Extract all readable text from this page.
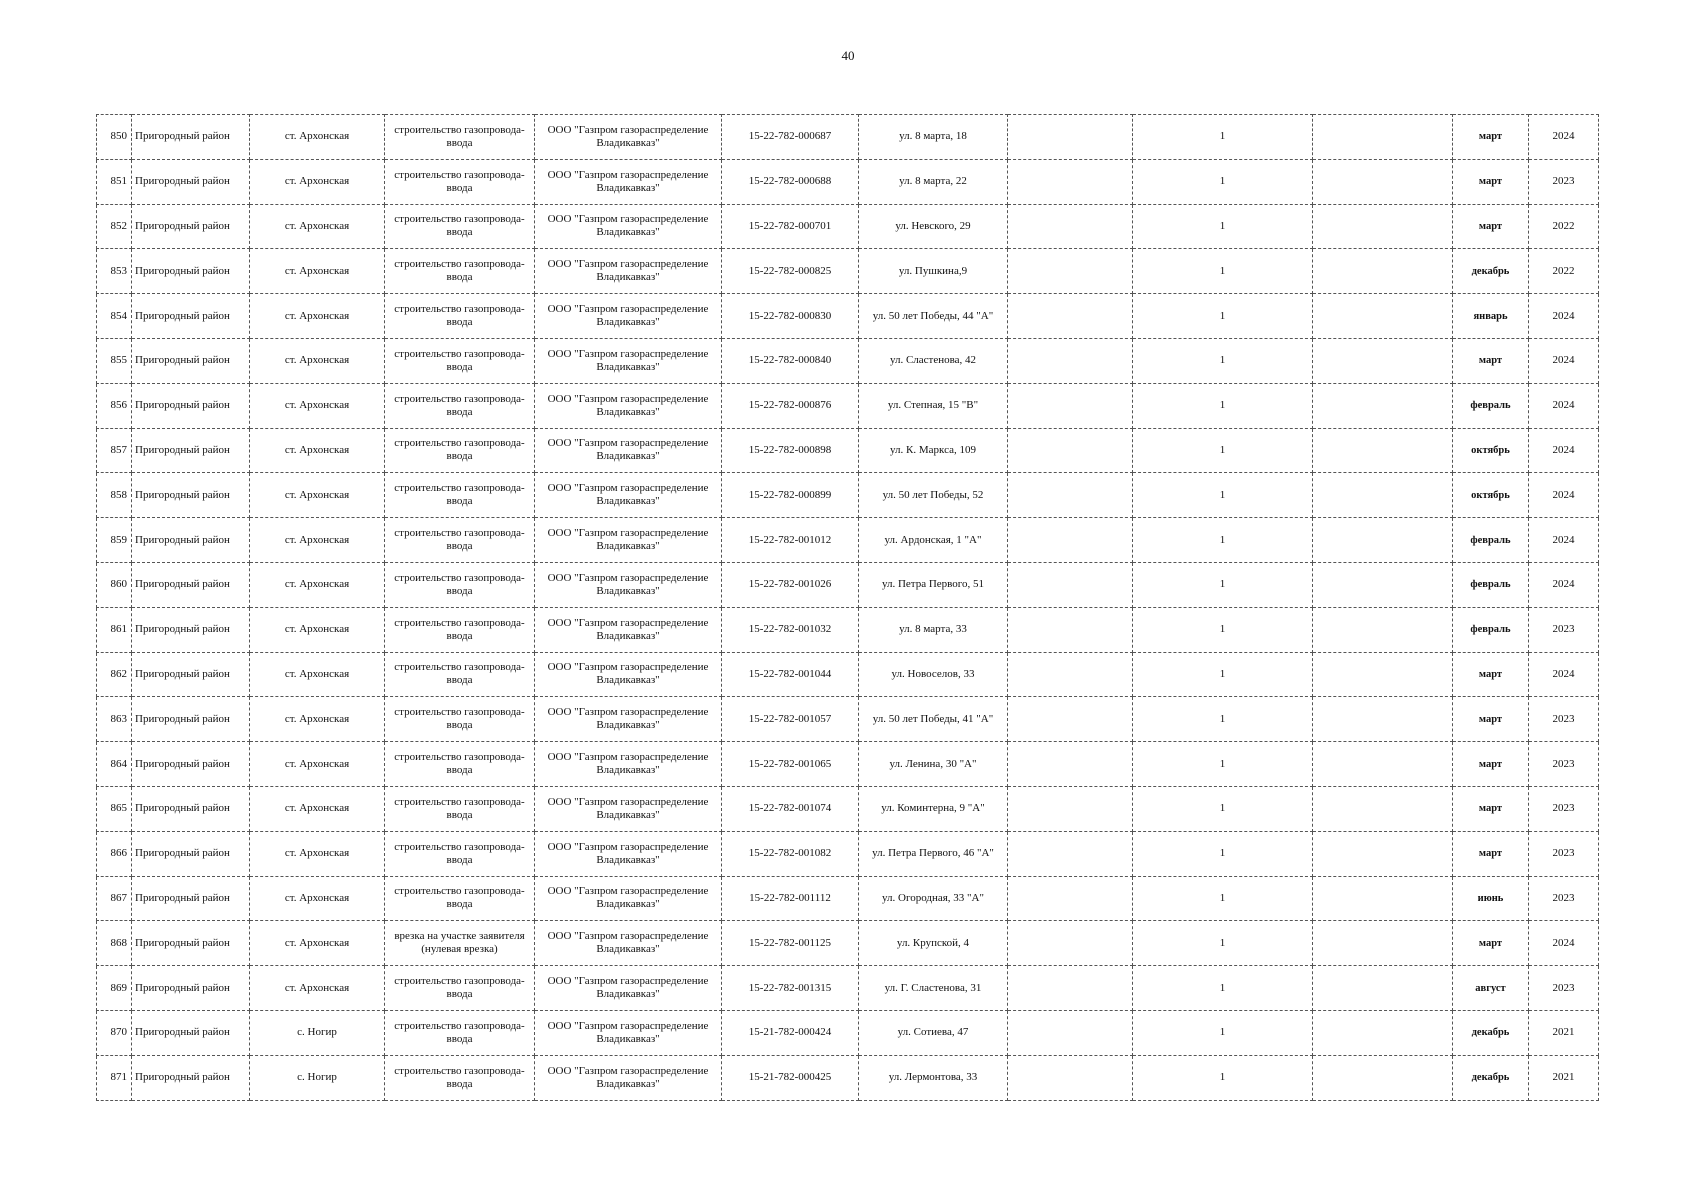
40
850	Пригородный район	ст. Архонская	строительство газопровода-ввода	ООО "Газпром газораспределение Владикавказ"	15-22-782-000687	ул. 8 марта, 18		1		март	2024
851	Пригородный район	ст. Архонская	строительство газопровода-ввода	ООО "Газпром газораспределение Владикавказ"	15-22-782-000688	ул. 8 марта, 22		1		март	2023
852	Пригородный район	ст. Архонская	строительство газопровода-ввода	ООО "Газпром газораспределение Владикавказ"	15-22-782-000701	ул. Невского, 29		1		март	2022
853	Пригородный район	ст. Архонская	строительство газопровода-ввода	ООО "Газпром газораспределение Владикавказ"	15-22-782-000825	ул. Пушкина,9		1		декабрь	2022
854	Пригородный район	ст. Архонская	строительство газопровода-ввода	ООО "Газпром газораспределение Владикавказ"	15-22-782-000830	ул. 50 лет Победы, 44 "А"		1		январь	2024
855	Пригородный район	ст. Архонская	строительство газопровода-ввода	ООО "Газпром газораспределение Владикавказ"	15-22-782-000840	ул. Сластенова, 42		1		март	2024
856	Пригородный район	ст. Архонская	строительство газопровода-ввода	ООО "Газпром газораспределение Владикавказ"	15-22-782-000876	ул. Степная, 15 "В"		1		февраль	2024
857	Пригородный район	ст. Архонская	строительство газопровода-ввода	ООО "Газпром газораспределение Владикавказ"	15-22-782-000898	ул. К. Маркса, 109		1		октябрь	2024
858	Пригородный район	ст. Архонская	строительство газопровода-ввода	ООО "Газпром газораспределение Владикавказ"	15-22-782-000899	ул. 50 лет Победы, 52		1		октябрь	2024
859	Пригородный район	ст. Архонская	строительство газопровода-ввода	ООО "Газпром газораспределение Владикавказ"	15-22-782-001012	ул. Ардонская, 1 "А"		1		февраль	2024
860	Пригородный район	ст. Архонская	строительство газопровода-ввода	ООО "Газпром газораспределение Владикавказ"	15-22-782-001026	ул. Петра Первого, 51		1		февраль	2024
861	Пригородный район	ст. Архонская	строительство газопровода-ввода	ООО "Газпром газораспределение Владикавказ"	15-22-782-001032	ул. 8 марта, 33		1		февраль	2023
862	Пригородный район	ст. Архонская	строительство газопровода-ввода	ООО "Газпром газораспределение Владикавказ"	15-22-782-001044	ул. Новоселов, 33		1		март	2024
863	Пригородный район	ст. Архонская	строительство газопровода-ввода	ООО "Газпром газораспределение Владикавказ"	15-22-782-001057	ул. 50 лет Победы, 41 "А"		1		март	2023
864	Пригородный район	ст. Архонская	строительство газопровода-ввода	ООО "Газпром газораспределение Владикавказ"	15-22-782-001065	ул. Ленина, 30 "А"		1		март	2023
865	Пригородный район	ст. Архонская	строительство газопровода-ввода	ООО "Газпром газораспределение Владикавказ"	15-22-782-001074	ул. Коминтерна, 9 "А"		1		март	2023
866	Пригородный район	ст. Архонская	строительство газопровода-ввода	ООО "Газпром газораспределение Владикавказ"	15-22-782-001082	ул. Петра Первого, 46 "А"		1		март	2023
867	Пригородный район	ст. Архонская	строительство газопровода-ввода	ООО "Газпром газораспределение Владикавказ"	15-22-782-001112	ул. Огородная, 33 "А"		1		июнь	2023
868	Пригородный район	ст. Архонская	врезка на участке заявителя (нулевая врезка)	ООО "Газпром газораспределение Владикавказ"	15-22-782-001125	ул. Крупской, 4		1		март	2024
869	Пригородный район	ст. Архонская	строительство газопровода-ввода	ООО "Газпром газораспределение Владикавказ"	15-22-782-001315	ул. Г. Сластенова, 31		1		август	2023
870	Пригородный район	с. Ногир	строительство газопровода-ввода	ООО "Газпром газораспределение Владикавказ"	15-21-782-000424	ул. Сотиева, 47		1		декабрь	2021
871	Пригородный район	с. Ногир	строительство газопровода-ввода	ООО "Газпром газораспределение Владикавказ"	15-21-782-000425	ул. Лермонтова, 33		1		декабрь	2021
